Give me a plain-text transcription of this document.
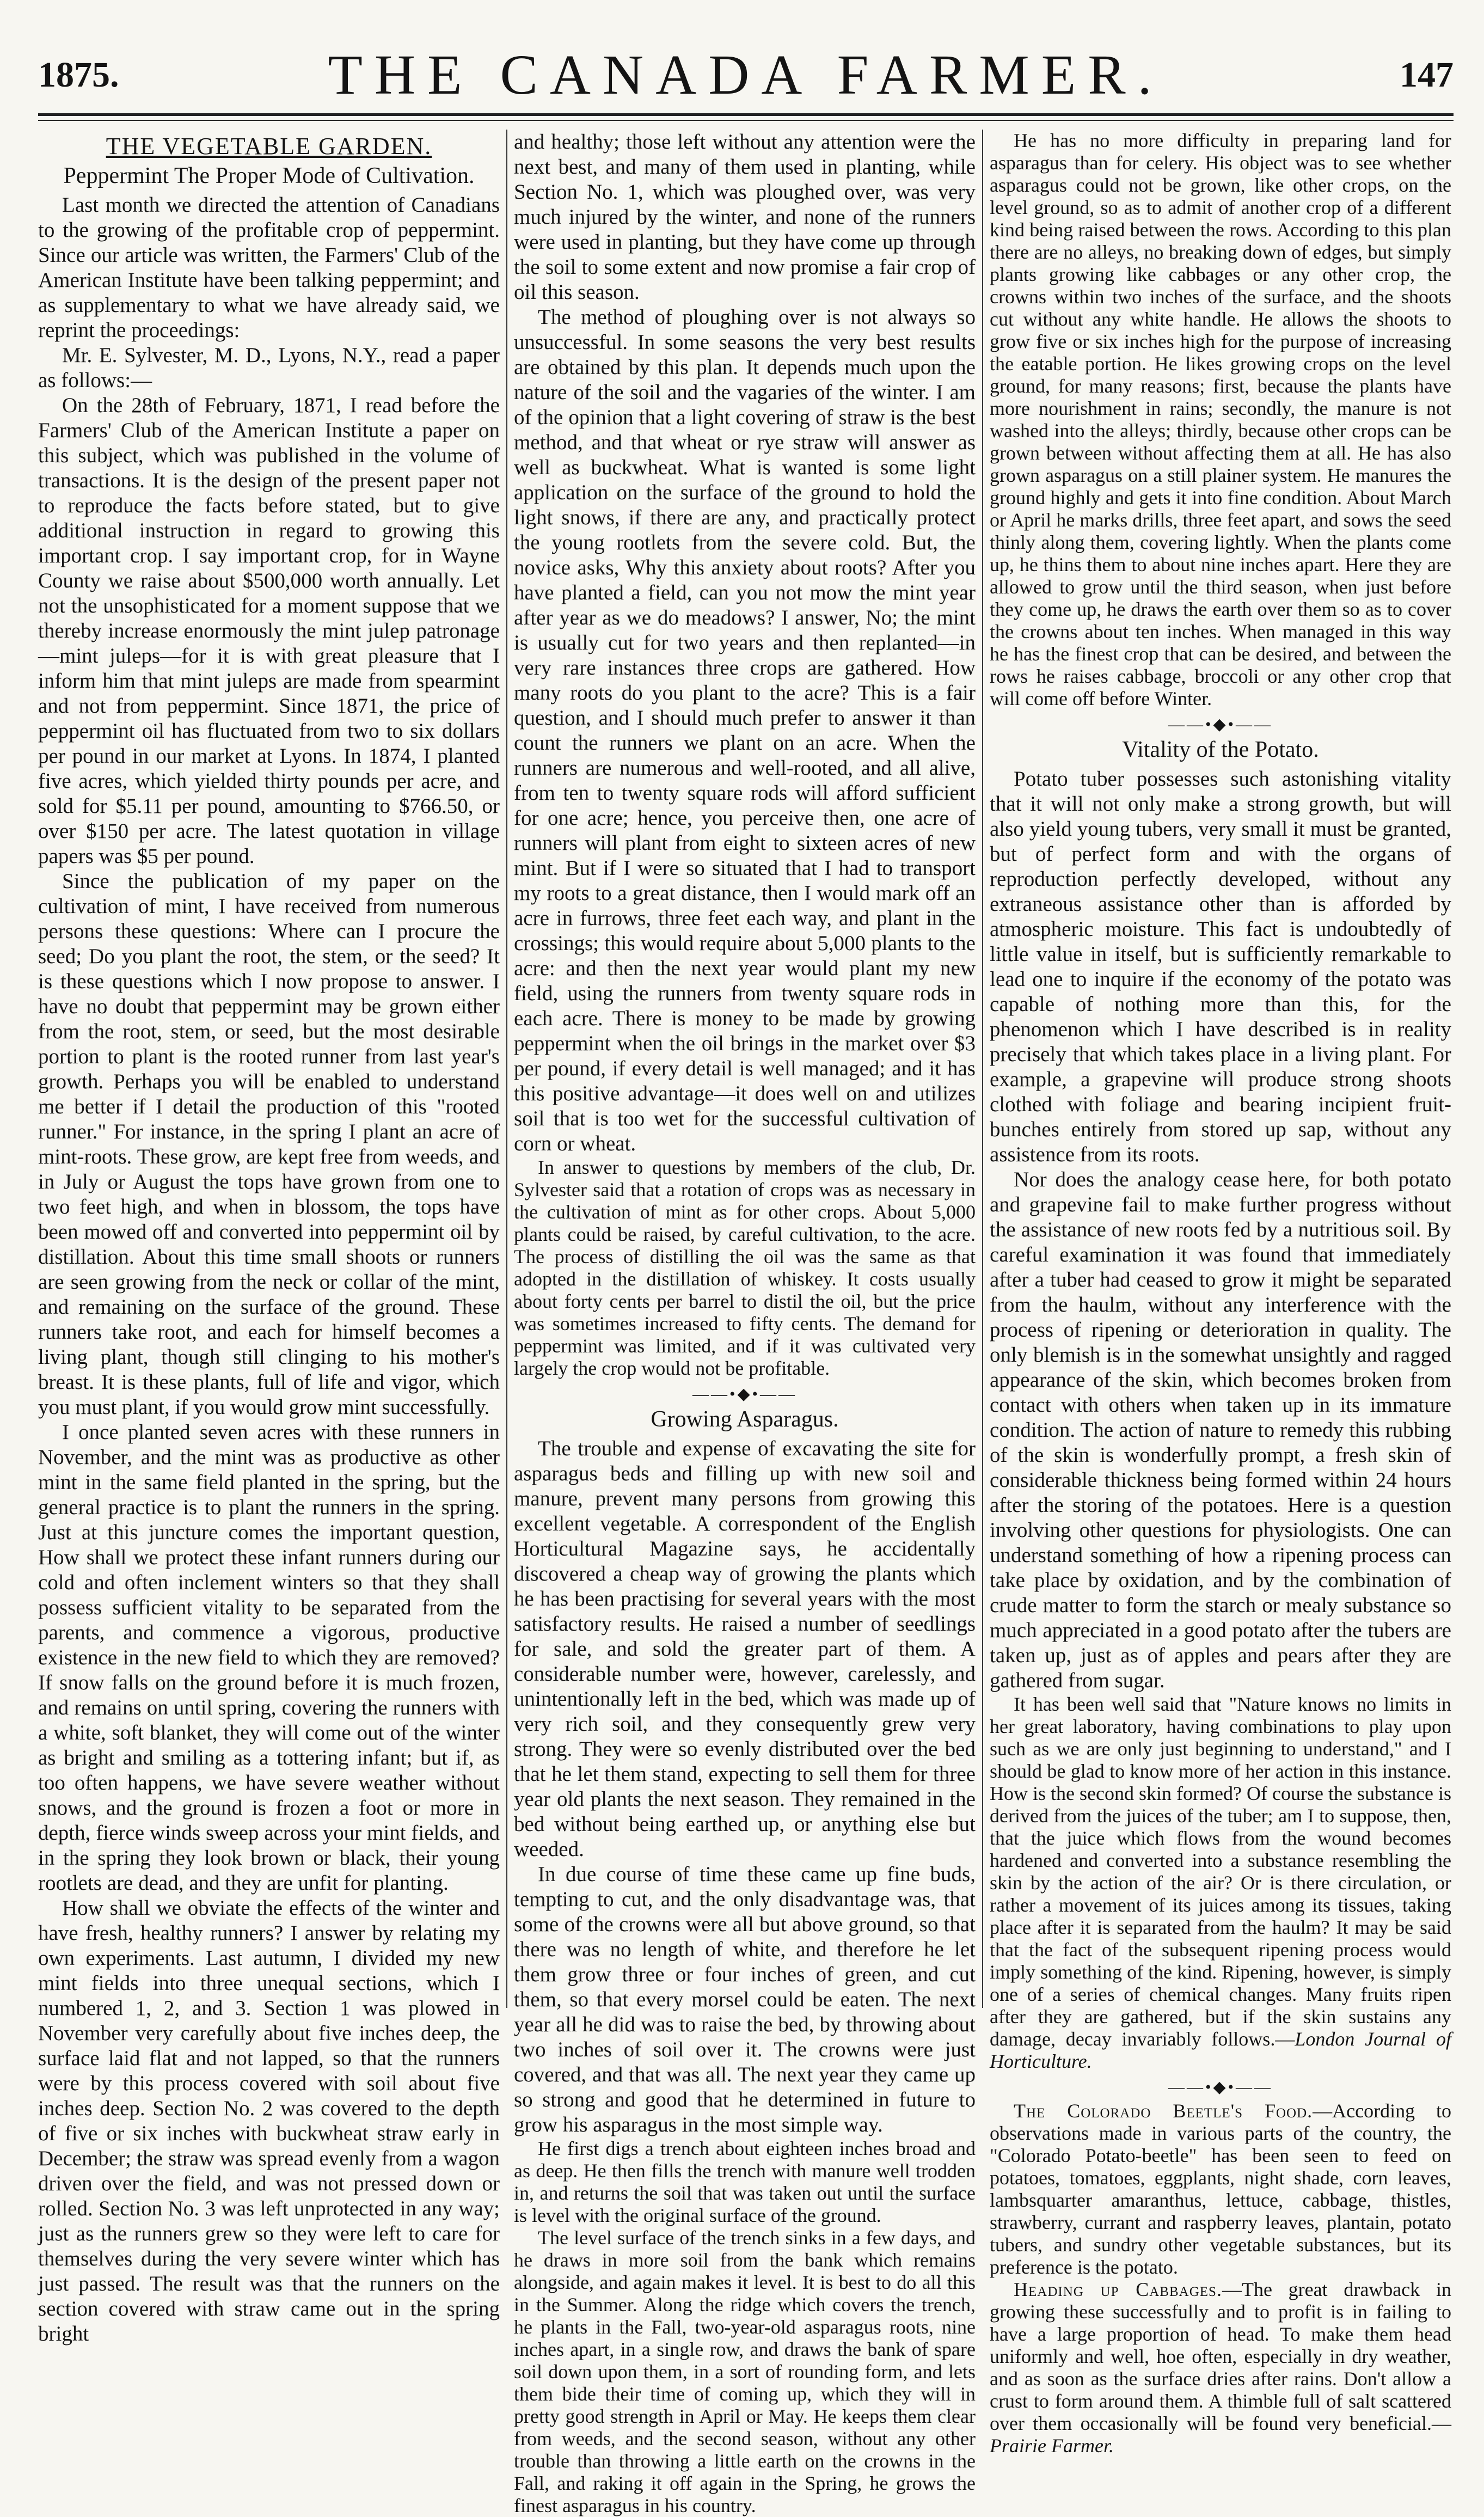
1875.	THE CANADA FARMER.	147
THE VEGETABLE GARDEN.
Peppermint The Proper Mode of Cultivation.

Last month we directed the attention of Canadians to the growing of the profitable crop of peppermint. Since our article was written, the Farmers' Club of the American Institute have been talking peppermint; and as supplementary to what we have already said, we reprint the proceedings:

Mr. E. Sylvester, M. D., Lyons, N.Y., read a paper as follows:—

On the 28th of February, 1871, I read before the Farmers' Club of the American Institute a paper on this subject, which was published in the volume of transactions. It is the design of the present paper not to reproduce the facts before stated, but to give additional instruction in regard to growing this important crop. I say important crop, for in Wayne County we raise about $500,000 worth annually. Let not the unsophisticated for a moment suppose that we thereby increase enormously the mint julep patronage—mint juleps—for it is with great pleasure that I inform him that mint juleps are made from spearmint and not from peppermint. Since 1871, the price of peppermint oil has fluctuated from two to six dollars per pound in our market at Lyons. In 1874, I planted five acres, which yielded thirty pounds per acre, and sold for $5.11 per pound, amounting to $766.50, or over $150 per acre. The latest quotation in village papers was $5 per pound.

Since the publication of my paper on the cultivation of mint, I have received from numerous persons these questions: Where can I procure the seed; Do you plant the root, the stem, or the seed? It is these questions which I now propose to answer. I have no doubt that peppermint may be grown either from the root, stem, or seed, but the most desirable portion to plant is the rooted runner from last year's growth. Perhaps you will be enabled to understand me better if I detail the production of this "rooted runner." For instance, in the spring I plant an acre of mint-roots. These grow, are kept free from weeds, and in July or August the tops have grown from one to two feet high, and when in blossom, the tops have been mowed off and converted into peppermint oil by distillation. About this time small shoots or runners are seen growing from the neck or collar of the mint, and remaining on the surface of the ground. These runners take root, and each for himself becomes a living plant, though still clinging to his mother's breast. It is these plants, full of life and vigor, which you must plant, if you would grow mint successfully.

I once planted seven acres with these runners in November, and the mint was as productive as other mint in the same field planted in the spring, but the general practice is to plant the runners in the spring. Just at this juncture comes the important question, How shall we protect these infant runners during our cold and often inclement winters so that they shall possess sufficient vitality to be separated from the parents, and commence a vigorous, productive existence in the new field to which they are removed? If snow falls on the ground before it is much frozen, and remains on until spring, covering the runners with a white, soft blanket, they will come out of the winter as bright and smiling as a tottering infant; but if, as too often happens, we have severe weather without snows, and the ground is frozen a foot or more in depth, fierce winds sweep across your mint fields, and in the spring they look brown or black, their young rootlets are dead, and they are unfit for planting.

How shall we obviate the effects of the winter and have fresh, healthy runners? I answer by relating my own experiments. Last autumn, I divided my new mint fields into three unequal sections, which I numbered 1, 2, and 3. Section 1 was plowed in November very carefully about five inches deep, the surface laid flat and not lapped, so that the runners were by this process covered with soil about five inches deep. Section No. 2 was covered to the depth of five or six inches with buckwheat straw early in December; the straw was spread evenly from a wagon driven over the field, and was not pressed down or rolled. Section No. 3 was left unprotected in any way; just as the runners grew so they were left to care for themselves during the very severe winter which has just passed. The result was that the runners on the section covered with straw came out in the spring bright

and healthy; those left without any attention were the next best, and many of them used in planting, while Section No. 1, which was ploughed over, was very much injured by the winter, and none of the runners were used in planting, but they have come up through the soil to some extent and now promise a fair crop of oil this season.

The method of ploughing over is not always so unsuccessful. In some seasons the very best results are obtained by this plan. It depends much upon the nature of the soil and the vagaries of the winter. I am of the opinion that a light covering of straw is the best method, and that wheat or rye straw will answer as well as buckwheat. What is wanted is some light application on the surface of the ground to hold the light snows, if there are any, and practically protect the young rootlets from the severe cold. But, the novice asks, Why this anxiety about roots? After you have planted a field, can you not mow the mint year after year as we do meadows? I answer, No; the mint is usually cut for two years and then replanted—in very rare instances three crops are gathered. How many roots do you plant to the acre? This is a fair question, and I should much prefer to answer it than count the runners we plant on an acre. When the runners are numerous and well-rooted, and all alive, from ten to twenty square rods will afford sufficient for one acre; hence, you perceive then, one acre of runners will plant from eight to sixteen acres of new mint. But if I were so situated that I had to transport my roots to a great distance, then I would mark off an acre in furrows, three feet each way, and plant in the crossings; this would require about 5,000 plants to the acre: and then the next year would plant my new field, using the runners from twenty square rods in each acre. There is money to be made by growing peppermint when the oil brings in the market over $3 per pound, if every detail is well managed; and it has this positive advantage—it does well on and utilizes soil that is too wet for the successful cultivation of corn or wheat.

In answer to questions by members of the club, Dr. Sylvester said that a rotation of crops was as necessary in the cultivation of mint as for other crops. About 5,000 plants could be raised, by careful cultivation, to the acre. The process of distilling the oil was the same as that adopted in the distillation of whiskey. It costs usually about forty cents per barrel to distil the oil, but the price was sometimes increased to fifty cents. The demand for peppermint was limited, and if it was cultivated very largely the crop would not be profitable.

——•◆•——
Growing Asparagus.

The trouble and expense of excavating the site for asparagus beds and filling up with new soil and manure, prevent many persons from growing this excellent vegetable. A correspondent of the English Horticultural Magazine says, he accidentally discovered a cheap way of growing the plants which he has been practising for several years with the most satisfactory results. He raised a number of seedlings for sale, and sold the greater part of them. A considerable number were, however, carelessly, and unintentionally left in the bed, which was made up of very rich soil, and they consequently grew very strong. They were so evenly distributed over the bed that he let them stand, expecting to sell them for three year old plants the next season. They remained in the bed without being earthed up, or anything else but weeded.

In due course of time these came up fine buds, tempting to cut, and the only disadvantage was, that some of the crowns were all but above ground, so that there was no length of white, and therefore he let them grow three or four inches of green, and cut them, so that every morsel could be eaten. The next year all he did was to raise the bed, by throwing about two inches of soil over it. The crowns were just covered, and that was all. The next year they came up so strong and good that he determined in future to grow his asparagus in the most simple way.

He first digs a trench about eighteen inches broad and as deep. He then fills the trench with manure well trodden in, and returns the soil that was taken out until the surface is level with the original surface of the ground.

The level surface of the trench sinks in a few days, and he draws in more soil from the bank which remains alongside, and again makes it level. It is best to do all this in the Summer. Along the ridge which covers the trench, he plants in the Fall, two-year-old asparagus roots, nine inches apart, in a single row, and draws the bank of spare soil down upon them, in a sort of rounding form, and lets them bide their time of coming up, which they will in pretty good strength in April or May. He keeps them clear from weeds, and the second season, without any other trouble than throwing a little earth on the crowns in the Fall, and raking it off again in the Spring, he grows the finest asparagus in his country.

He has no more difficulty in preparing land for asparagus than for celery. His object was to see whether asparagus could not be grown, like other crops, on the level ground, so as to admit of another crop of a different kind being raised between the rows. According to this plan there are no alleys, no breaking down of edges, but simply plants growing like cabbages or any other crop, the crowns within two inches of the surface, and the shoots cut without any white handle. He allows the shoots to grow five or six inches high for the purpose of increasing the eatable portion. He likes growing crops on the level ground, for many reasons; first, because the plants have more nourishment in rains; secondly, the manure is not washed into the alleys; thirdly, because other crops can be grown between without affecting them at all. He has also grown asparagus on a still plainer system. He manures the ground highly and gets it into fine condition. About March or April he marks drills, three feet apart, and sows the seed thinly along them, covering lightly. When the plants come up, he thins them to about nine inches apart. Here they are allowed to grow until the third season, when just before they come up, he draws the earth over them so as to cover the crowns about ten inches. When managed in this way he has the finest crop that can be desired, and between the rows he raises cabbage, broccoli or any other crop that will come off before Winter.

——•◆•——
Vitality of the Potato.

Potato tuber possesses such astonishing vitality that it will not only make a strong growth, but will also yield young tubers, very small it must be granted, but of perfect form and with the organs of reproduction perfectly developed, without any extraneous assistance other than is afforded by atmospheric moisture. This fact is undoubtedly of little value in itself, but is sufficiently remarkable to lead one to inquire if the economy of the potato was capable of nothing more than this, for the phenomenon which I have described is in reality precisely that which takes place in a living plant. For example, a grapevine will produce strong shoots clothed with foliage and bearing incipient fruit-bunches entirely from stored up sap, without any assistence from its roots.

Nor does the analogy cease here, for both potato and grapevine fail to make further progress without the assistance of new roots fed by a nutritious soil. By careful examination it was found that immediately after a tuber had ceased to grow it might be separated from the haulm, without any interference with the process of ripening or deterioration in quality. The only blemish is in the somewhat unsightly and ragged appearance of the skin, which becomes broken from contact with others when taken up in its immature condition. The action of nature to remedy this rubbing of the skin is wonderfully prompt, a fresh skin of considerable thickness being formed within 24 hours after the storing of the potatoes. Here is a question involving other questions for physiologists. One can understand something of how a ripening process can take place by oxidation, and by the combination of crude matter to form the starch or mealy substance so much appreciated in a good potato after the tubers are taken up, just as of apples and pears after they are gathered from sugar.

It has been well said that "Nature knows no limits in her great laboratory, having combinations to play upon such as we are only just beginning to understand," and I should be glad to know more of her action in this instance. How is the second skin formed? Of course the substance is derived from the juices of the tuber; am I to suppose, then, that the juice which flows from the wound becomes hardened and converted into a substance resembling the skin by the action of the air? Or is there circulation, or rather a movement of its juices among its tissues, taking place after it is separated from the haulm? It may be said that the fact of the subsequent ripening process would imply something of the kind. Ripening, however, is simply one of a series of chemical changes. Many fruits ripen after they are gathered, but if the skin sustains any damage, decay invariably follows.—London Journal of Horticulture.

——•◆•——

The Colorado Beetle's Food.—According to observations made in various parts of the country, the "Colorado Potato-beetle" has been seen to feed on potatoes, tomatoes, eggplants, night shade, corn leaves, lambsquarter amaranthus, lettuce, cabbage, thistles, strawberry, currant and raspberry leaves, plantain, potato tubers, and sundry other vegetable substances, but its preference is the potato.

Heading up Cabbages.—The great drawback in growing these successfully and to profit is in failing to have a large proportion of head. To make them head uniformly and well, hoe often, especially in dry weather, and as soon as the surface dries after rains. Don't allow a crust to form around them. A thimble full of salt scattered over them occasionally will be found very beneficial.—Prairie Farmer.
